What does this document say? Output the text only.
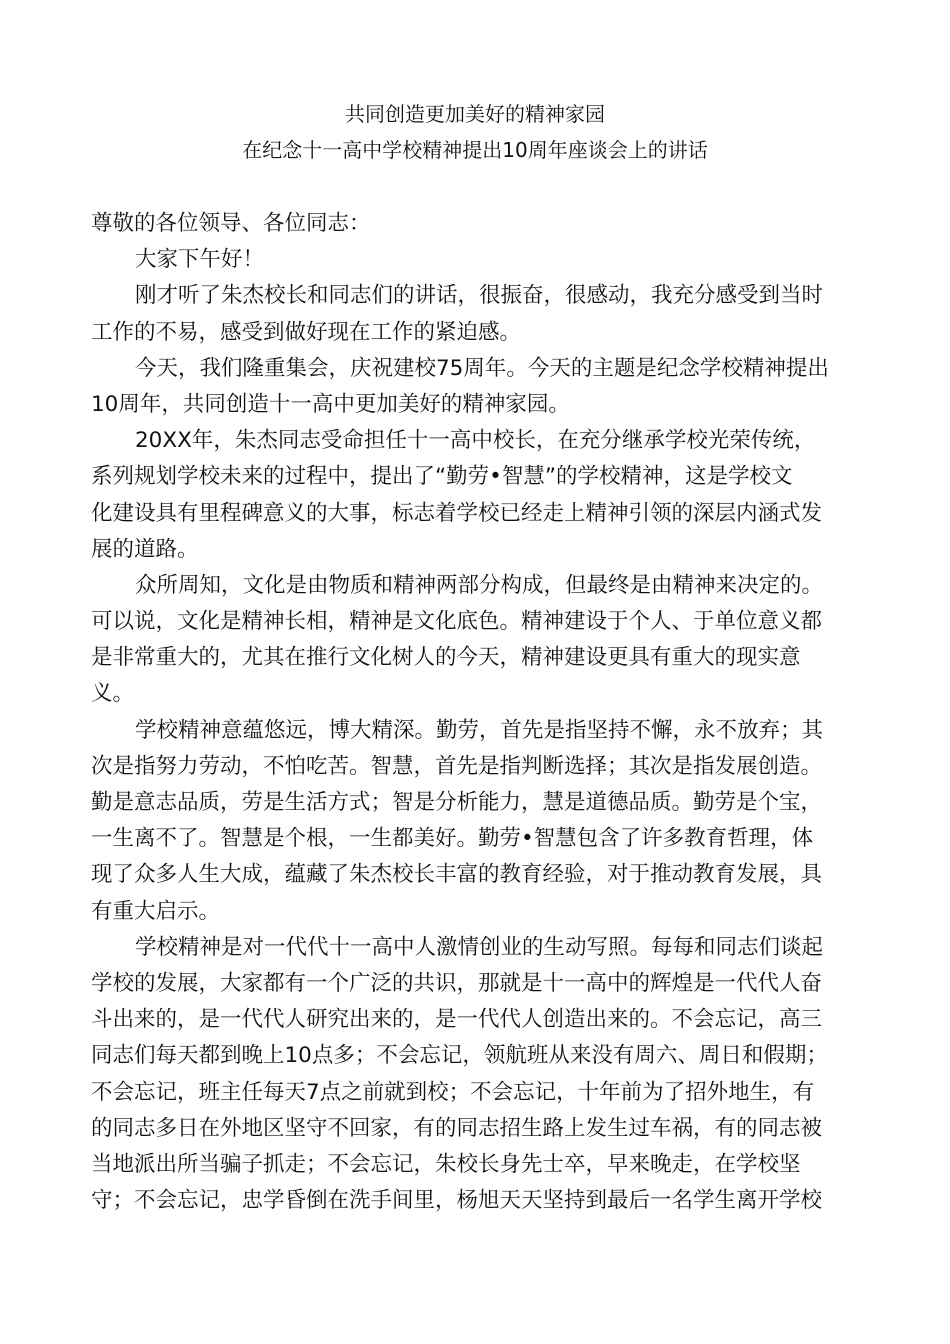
共同创造更加美好的精神家园
在纪念十一高中学校精神提出10周年座谈会上的讲话
尊敬的各位领导、各位同志：
大家下午好！
刚才听了朱杰校长和同志们的讲话，很振奋，很感动，我充分感受到当时
工作的不易，感受到做好现在工作的紧迫感。
今天，我们隆重集会，庆祝建校75周年。今天的主题是纪念学校精神提出
10周年，共同创造十一高中更加美好的精神家园。
20XX年，朱杰同志受命担任十一高中校长，在充分继承学校光荣传统，
系列规划学校未来的过程中，提出了“勤劳•智慧”的学校精神，这是学校文
化建设具有里程碑意义的大事，标志着学校已经走上精神引领的深层内涵式发
展的道路。
众所周知，文化是由物质和精神两部分构成，但最终是由精神来决定的。
可以说，文化是精神长相，精神是文化底色。精神建设于个人、于单位意义都
是非常重大的，尤其在推行文化树人的今天，精神建设更具有重大的现实意
义。
学校精神意蕴悠远，博大精深。勤劳，首先是指坚持不懈，永不放弃；其
次是指努力劳动，不怕吃苦。智慧，首先是指判断选择；其次是指发展创造。
勤是意志品质，劳是生活方式；智是分析能力，慧是道德品质。勤劳是个宝，
一生离不了。智慧是个根，一生都美好。勤劳•智慧包含了许多教育哲理，体
现了众多人生大成，蕴藏了朱杰校长丰富的教育经验，对于推动教育发展，具
有重大启示。
学校精神是对一代代十一高中人激情创业的生动写照。每每和同志们谈起
学校的发展，大家都有一个广泛的共识，那就是十一高中的辉煌是一代代人奋
斗出来的，是一代代人研究出来的，是一代代人创造出来的。不会忘记，高三
同志们每天都到晚上10点多；不会忘记，领航班从来没有周六、周日和假期；
不会忘记，班主任每天7点之前就到校；不会忘记，十年前为了招外地生，有
的同志多日在外地区坚守不回家，有的同志招生路上发生过车祸，有的同志被
当地派出所当骗子抓走；不会忘记，朱校长身先士卒，早来晚走，在学校坚
守；不会忘记，忠学昏倒在洗手间里，杨旭天天坚持到最后一名学生离开学校
